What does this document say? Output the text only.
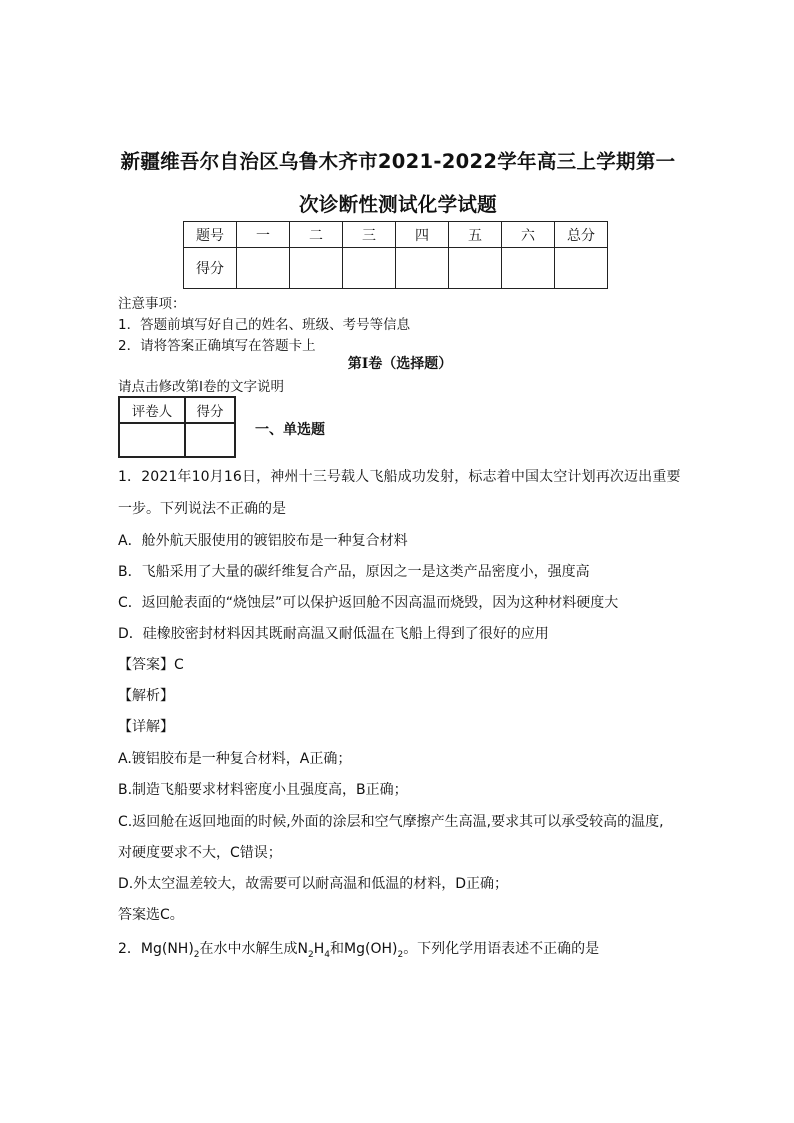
新疆维吾尔自治区乌鲁木齐市2021-2022学年高三上学期第一
次诊断性测试化学试题
题号	一	二	三	四	五	六	总分
得分							
注意事项：
1．答题前填写好自己的姓名、班级、考号等信息
2．请将答案正确填写在答题卡上
第I卷（选择题）
请点击修改第I卷的文字说明
评卷人	得分

一、单选题
1．2021年10月16日，神州十三号载人飞船成功发射，标志着中国太空计划再次迈出重要
一步。下列说法不正确的是
A．舱外航天服使用的镀铝胶布是一种复合材料
B．飞船采用了大量的碳纤维复合产品，原因之一是这类产品密度小，强度高
C．返回舱表面的“烧蚀层”可以保护返回舱不因高温而烧毁，因为这种材料硬度大
D．硅橡胶密封材料因其既耐高温又耐低温在飞船上得到了很好的应用
【答案】C
【解析】
【详解】
A.镀铝胶布是一种复合材料，A正确；
B.制造飞船要求材料密度小且强度高，B正确；
C.返回舱在返回地面的时候,外面的涂层和空气摩擦产生高温,要求其可以承受较高的温度,
对硬度要求不大，C错误；
D.外太空温差较大，故需要可以耐高温和低温的材料，D正确；
答案选C。
2．$Mg(NH)_2$在水中水解生成$N_2H_4$和$Mg(OH)_2$。下列化学用语表述不正确的是
